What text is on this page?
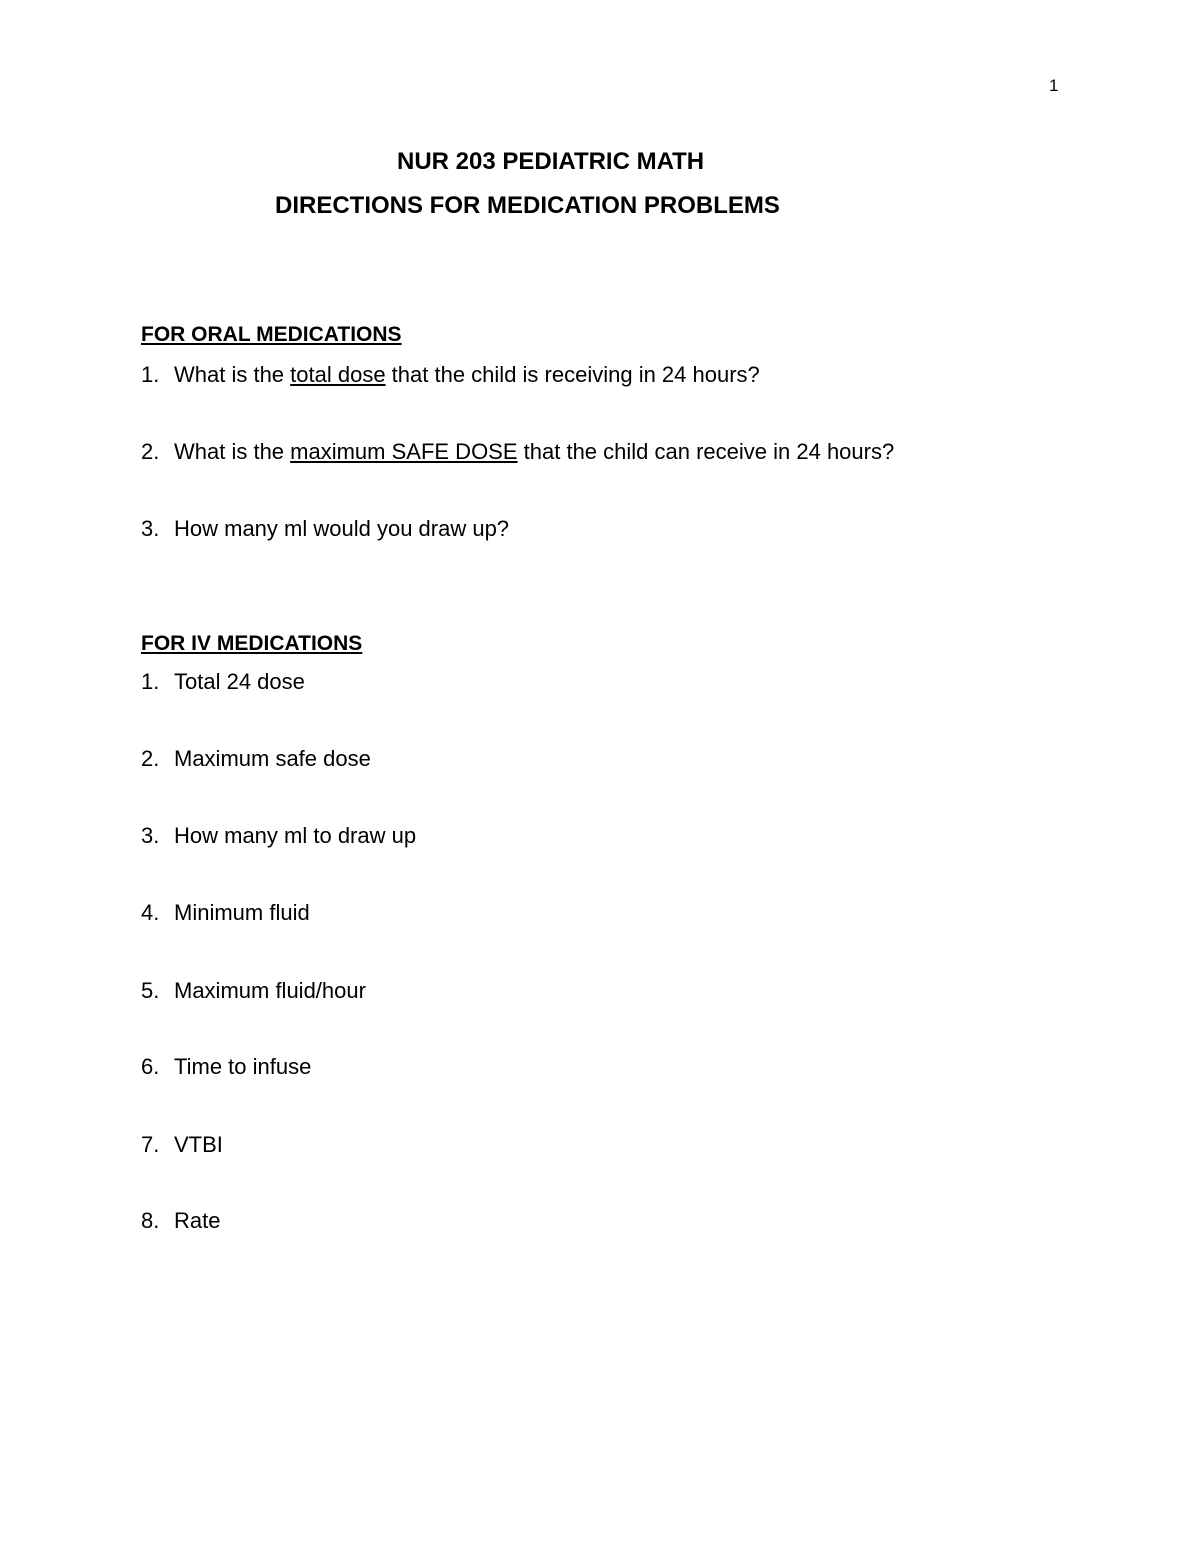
1
NUR 203 PEDIATRIC MATH
DIRECTIONS FOR MEDICATION PROBLEMS
FOR ORAL MEDICATIONS
1. What is the total dose that the child is receiving in 24 hours?
2. What is the maximum SAFE DOSE that the child can receive in 24 hours?
3. How many ml would you draw up?
FOR IV MEDICATIONS
1. Total 24 dose
2. Maximum safe dose
3. How many ml to draw up
4. Minimum fluid
5. Maximum fluid/hour
6. Time to infuse
7. VTBI
8. Rate
